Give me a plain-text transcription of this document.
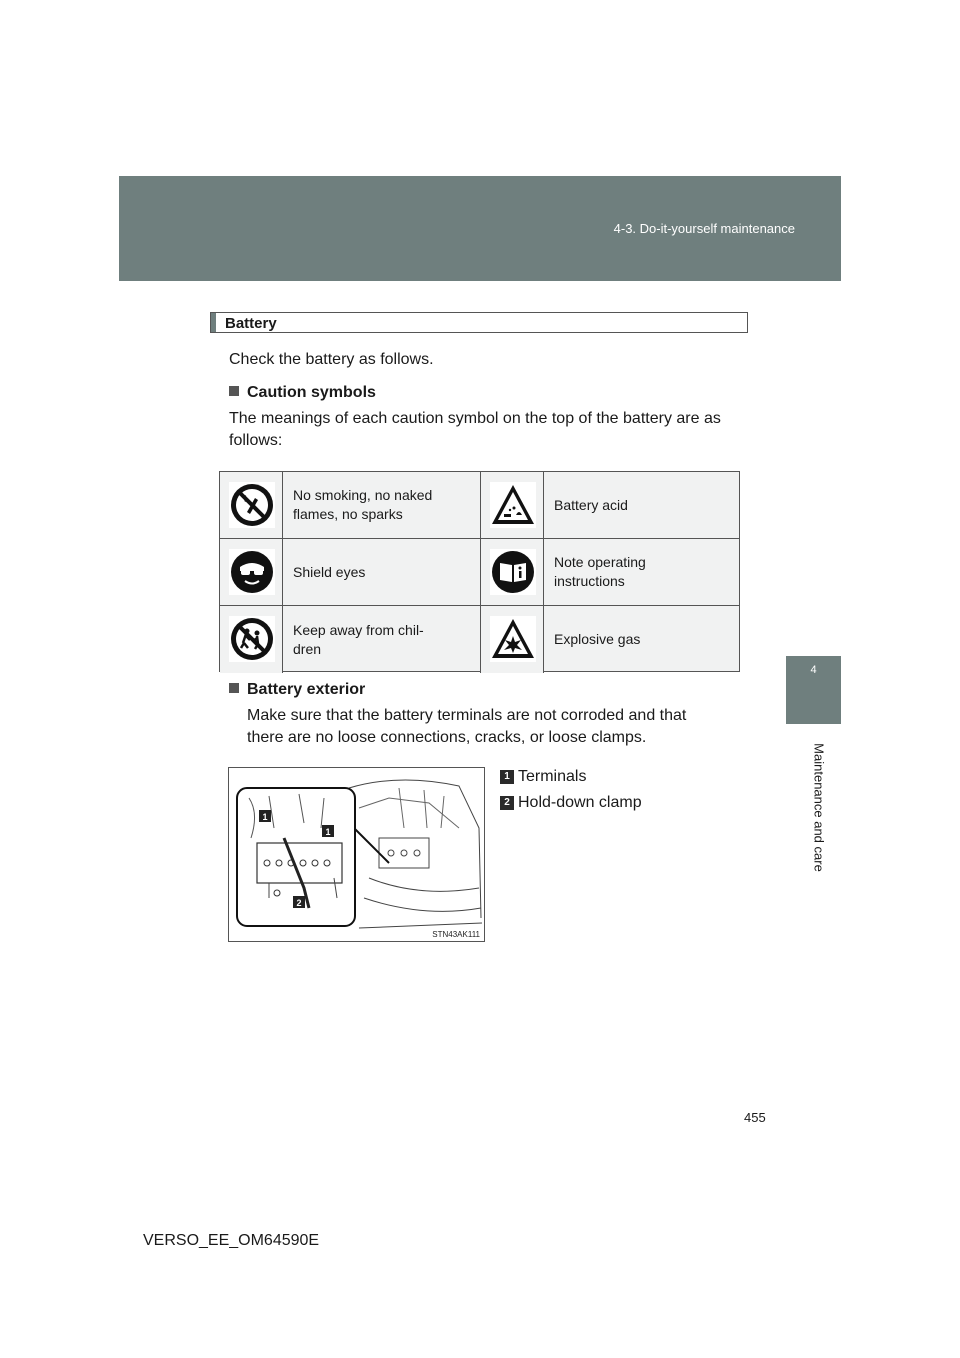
4-3. Do-it-yourself maintenance
4
Maintenance and care
Battery
Check the battery as follows.
Caution symbols
The meanings of each caution symbol on the top of the battery are as
follows:
No smoking, no naked
flames, no sparks
Battery acid
Shield eyes
Note operating
instructions
Keep away from chil-
dren
Explosive gas
Battery exterior
Make sure that the battery terminals are not corroded and that
there are no loose connections, cracks, or loose clamps.
1
1
2
STN43AK111
1 Terminals
2 Hold-down clamp
455
VERSO_EE_OM64590E
